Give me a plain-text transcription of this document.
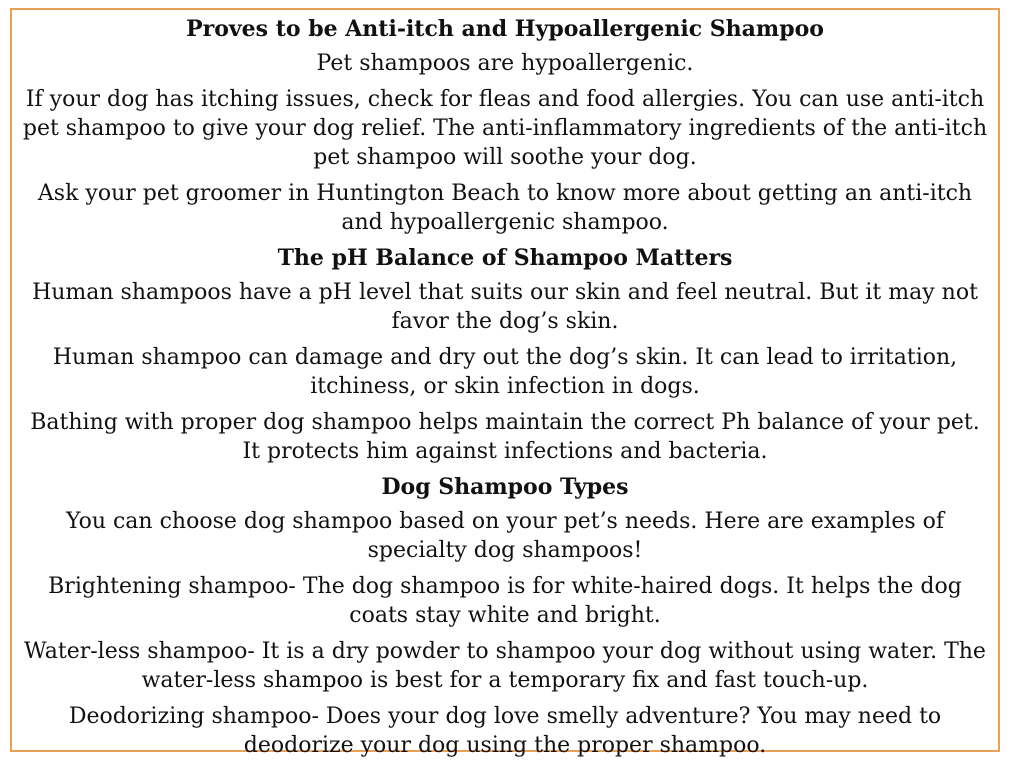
Proves to be Anti-itch and Hypoallergenic Shampoo

Pet shampoos are hypoallergenic.

If your dog has itching issues, check for fleas and food allergies. You can use anti-itch pet shampoo to give your dog relief. The anti-inflammatory ingredients of the anti-itch pet shampoo will soothe your dog.

Ask your pet groomer in Huntington Beach to know more about getting an anti-itch and hypoallergenic shampoo.

The pH Balance of Shampoo Matters

Human shampoos have a pH level that suits our skin and feel neutral. But it may not favor the dog’s skin.

Human shampoo can damage and dry out the dog’s skin. It can lead to irritation, itchiness, or skin infection in dogs.

Bathing with proper dog shampoo helps maintain the correct Ph balance of your pet. It protects him against infections and bacteria.

Dog Shampoo Types

You can choose dog shampoo based on your pet’s needs. Here are examples of specialty dog shampoos!

Brightening shampoo- The dog shampoo is for white-haired dogs. It helps the dog coats stay white and bright.

Water-less shampoo- It is a dry powder to shampoo your dog without using water. The water-less shampoo is best for a temporary fix and fast touch-up.

Deodorizing shampoo- Does your dog love smelly adventure? You may need to deodorize your dog using the proper shampoo.
